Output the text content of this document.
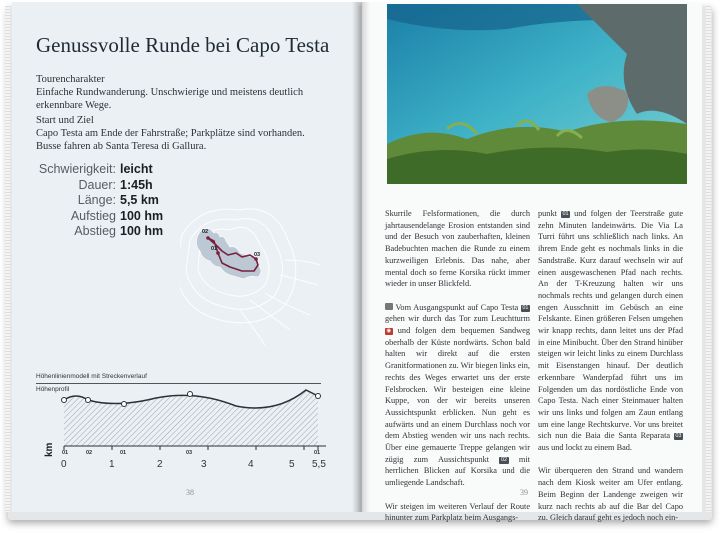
Genussvolle Runde bei Capo Testa
Tourencharakter
Einfache Rundwanderung. Unschwierige und meistens deutlich erkennbare Wege.
Start und Ziel
Capo Testa am Ende der Fahrstraße; Parkplätze sind vorhanden. Busse fahren ab Santa Teresa di Gallura.
Schwierigkeit: leicht
Dauer: 1:45h
Länge: 5,5 km
Aufstieg 100 hm
Abstieg 100 hm	02
01
03
Höhenlinienmodell mit Streckenverlauf
Höhenprofil
01	02	01	03	01
km
0	1	2	3	4	5 5,5
38

Skurrile Felsformationen, die durch jahrtausendelange Erosion entstanden sind und der Besuch von zauberhaften, kleinen Badebuchten machen die Runde zu einem kurzweiligen Erlebnis. Das nahe, aber mental doch so ferne Korsika rückt immer wieder in unser Blickfeld.

Vom Ausgangspunkt auf Capo Testa 01 gehen wir durch das Tor zum Leuchtturm ◉ und folgen dem bequemen Sandweg oberhalb der Küste nordwärts. Schon bald halten wir direkt auf die ersten Granitformationen zu. Wir biegen links ein, rechts des Weges erwartet uns der erste Felsbrocken. Wir besteigen eine kleine Kuppe, von der wir bereits unseren Aussichtspunkt erblicken. Nun geht es aufwärts und an einem Durchlass noch vor dem Abstieg wenden wir uns nach rechts. Über eine gemauerte Treppe gelangen wir zügig zum Aussichtspunkt 02 mit herrlichen Blicken auf Korsika und die umliegende Landschaft.

Wir steigen im weiteren Verlauf der Route hinunter zum Parkplatz beim Ausgangs-

punkt 01 und folgen der Teerstraße gute zehn Minuten landeinwärts. Die Via La Turri führt uns schließlich nach links. An ihrem Ende geht es nochmals links in die Sandstraße. Kurz darauf wechseln wir auf einen ausgewaschenen Pfad nach rechts. An der T-Kreuzung halten wir uns nochmals rechts und gelangen durch einen engen Ausschnitt im Gebüsch an eine Felskante. Einen größeren Felsen umgehen wir knapp rechts, dann leitet uns der Pfad in eine Minibucht. Über den Strand hinüber steigen wir leicht links zu einem Durchlass mit Eisenstangen hinauf. Der deutlich erkennbare Wanderpfad führt uns im Folgenden um das nordöstliche Ende von Capo Testa. Nach einer Steinmauer halten wir uns links und folgen am Zaun entlang um eine lange Rechtskurve. Vor uns breitet sich nun die Baia die Santa Reparata 03 aus und lockt zu einem Bad.

Wir überqueren den Strand und wandern nach dem Kiosk weiter am Ufer entlang. Beim Beginn der Landenge zweigen wir kurz nach rechts ab auf die Bar del Capo zu. Gleich darauf geht es jedoch noch ein-

39
